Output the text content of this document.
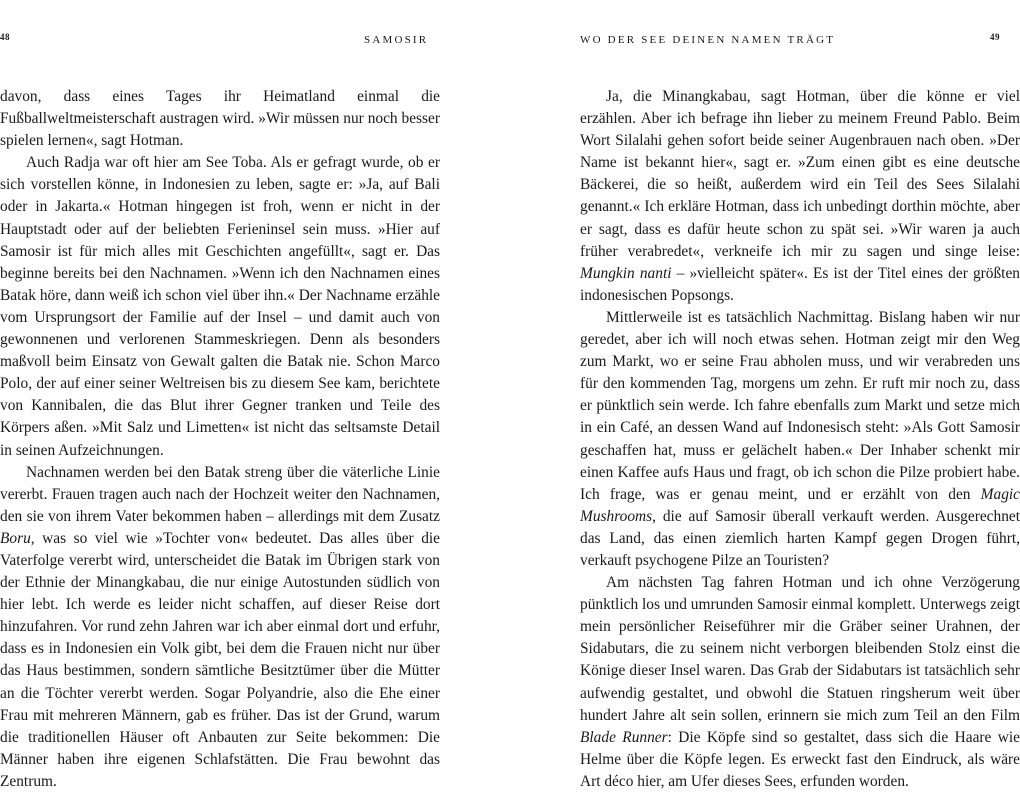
48	SAMOSIR

davon, dass eines Tages ihr Heimatland einmal die Fußballweltmeisterschaft austragen wird. »Wir müssen nur noch besser spielen lernen«, sagt Hotman.

Auch Radja war oft hier am See Toba. Als er gefragt wurde, ob er sich vorstellen könne, in Indonesien zu leben, sagte er: »Ja, auf Bali oder in Jakarta.« Hotman hingegen ist froh, wenn er nicht in der Hauptstadt oder auf der beliebten Ferieninsel sein muss. »Hier auf Samosir ist für mich alles mit Geschichten angefüllt«, sagt er. Das beginne bereits bei den Nachnamen. »Wenn ich den Nachnamen eines Batak höre, dann weiß ich schon viel über ihn.« Der Nachname erzähle vom Ursprungsort der Familie auf der Insel – und damit auch von gewonnenen und verlorenen Stammeskriegen. Denn als besonders maßvoll beim Einsatz von Gewalt galten die Batak nie. Schon Marco Polo, der auf einer seiner Weltreisen bis zu diesem See kam, berichtete von Kannibalen, die das Blut ihrer Gegner tranken und Teile des Körpers aßen. »Mit Salz und Limetten« ist nicht das seltsamste Detail in seinen Aufzeichnungen.

Nachnamen werden bei den Batak streng über die väterliche Linie vererbt. Frauen tragen auch nach der Hochzeit weiter den Nachnamen, den sie von ihrem Vater bekommen haben – allerdings mit dem Zusatz Boru, was so viel wie »Tochter von« bedeutet. Das alles über die Vaterfolge vererbt wird, unterscheidet die Batak im Übrigen stark von der Ethnie der Minangkabau, die nur einige Autostunden südlich von hier lebt. Ich werde es leider nicht schaffen, auf dieser Reise dort hinzufahren. Vor rund zehn Jahren war ich aber einmal dort und erfuhr, dass es in Indonesien ein Volk gibt, bei dem die Frauen nicht nur über das Haus bestimmen, sondern sämtliche Besitztümer über die Mütter an die Töchter vererbt werden. Sogar Polyandrie, also die Ehe einer Frau mit mehreren Männern, gab es früher. Das ist der Grund, warum die traditionellen Häuser oft Anbauten zur Seite bekommen: Die Männer haben ihre eigenen Schlafstätten. Die Frau bewohnt das Zentrum.

WO DER SEE DEINEN NAMEN TRÄGT	49

Ja, die Minangkabau, sagt Hotman, über die könne er viel erzählen. Aber ich befrage ihn lieber zu meinem Freund Pablo. Beim Wort Silalahi gehen sofort beide seiner Augenbrauen nach oben. »Der Name ist bekannt hier«, sagt er. »Zum einen gibt es eine deutsche Bäckerei, die so heißt, außerdem wird ein Teil des Sees Silalahi genannt.« Ich erkläre Hotman, dass ich unbedingt dorthin möchte, aber er sagt, dass es dafür heute schon zu spät sei. »Wir waren ja auch früher verabredet«, verkneife ich mir zu sagen und singe leise: Mungkin nanti – »vielleicht später«. Es ist der Titel eines der größten indonesischen Popsongs.

Mittlerweile ist es tatsächlich Nachmittag. Bislang haben wir nur geredet, aber ich will noch etwas sehen. Hotman zeigt mir den Weg zum Markt, wo er seine Frau abholen muss, und wir verabreden uns für den kommenden Tag, morgens um zehn. Er ruft mir noch zu, dass er pünktlich sein werde. Ich fahre ebenfalls zum Markt und setze mich in ein Café, an dessen Wand auf Indonesisch steht: »Als Gott Samosir geschaffen hat, muss er gelächelt haben.« Der Inhaber schenkt mir einen Kaffee aufs Haus und fragt, ob ich schon die Pilze probiert habe. Ich frage, was er genau meint, und er erzählt von den Magic Mushrooms, die auf Samosir überall verkauft werden. Ausgerechnet das Land, das einen ziemlich harten Kampf gegen Drogen führt, verkauft psychogene Pilze an Touristen?

Am nächsten Tag fahren Hotman und ich ohne Verzögerung pünktlich los und umrunden Samosir einmal komplett. Unterwegs zeigt mein persönlicher Reiseführer mir die Gräber seiner Urahnen, der Sidabutars, die zu seinem nicht verborgen bleibenden Stolz einst die Könige dieser Insel waren. Das Grab der Sidabutars ist tatsächlich sehr aufwendig gestaltet, und obwohl die Statuen ringsherum weit über hundert Jahre alt sein sollen, erinnern sie mich zum Teil an den Film Blade Runner: Die Köpfe sind so gestaltet, dass sich die Haare wie Helme über die Köpfe legen. Es erweckt fast den Eindruck, als wäre Art déco hier, am Ufer dieses Sees, erfunden worden.
